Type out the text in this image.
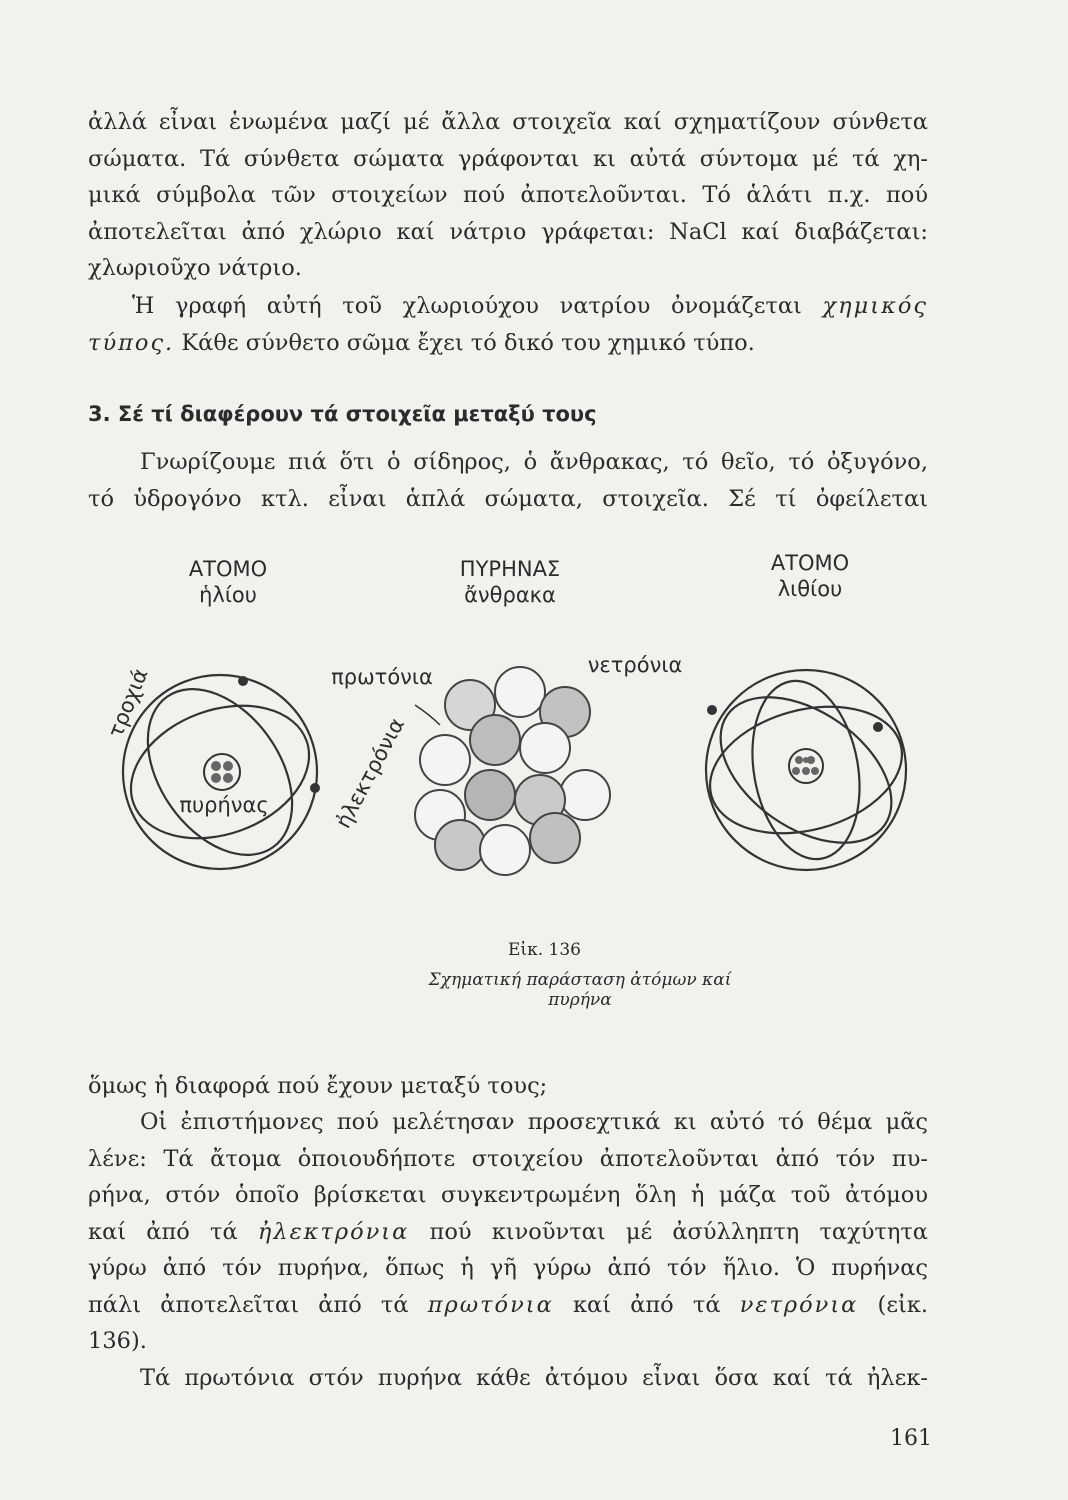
ἀλλά εἶναι ἑνωμένα μαζί μέ ἄλλα στοιχεῖα καί σχηματίζουν σύνθετα
σώματα. Τά σύνθετα σώματα γράφονται κι αὐτά σύντομα μέ τά χη-
μικά σύμβολα τῶν στοιχείων πού ἀποτελοῦνται. Τό ἁλάτι π.χ. πού
ἀποτελεῖται ἀπό χλώριο καί νάτριο γράφεται: NaCl καί διαβάζεται:
χλωριοῦχο νάτριο.
Ἡ γραφή αὐτή τοῦ χλωριούχου νατρίου ὀνομάζεται χημικός
τύπος. Κάθε σύνθετο σῶμα ἔχει τό δικό του χημικό τύπο.
3. Σέ τί διαφέρουν τά στοιχεῖα μεταξύ τους
Γνωρίζουμε πιά ὅτι ὁ σίδηρος, ὁ ἄνθρακας, τό θεῖο, τό ὀξυγόνο,
τό ὑδρογόνο κτλ. εἶναι ἁπλά σώματα, στοιχεῖα. Σέ τί ὀφείλεται
ΑΤΟΜΟ
ἡλίου
ΠΥΡΗΝΑΣ
ἄνθρακα
ΑΤΟΜΟ
λιθίου
τροχιά	πρωτόνια	νετρόνια
πυρήνας	ἠλεκτρόνια
Εἰκ. 136
Σχηματική παράσταση ἀτόμων καί πυρήνα
ὅμως ἡ διαφορά πού ἔχουν μεταξύ τους;
Οἱ ἐπιστήμονες πού μελέτησαν προσεχτικά κι αὐτό τό θέμα μᾶς
λένε: Τά ἄτομα ὁποιουδήποτε στοιχείου ἀποτελοῦνται ἀπό τόν πυ-
ρήνα, στόν ὁποῖο βρίσκεται συγκεντρωμένη ὅλη ἡ μάζα τοῦ ἀτόμου
καί ἀπό τά ἠλεκτρόνια πού κινοῦνται μέ ἀσύλληπτη ταχύτητα
γύρω ἀπό τόν πυρήνα, ὅπως ἡ γῆ γύρω ἀπό τόν ἥλιο. Ὁ πυρήνας
πάλι ἀποτελεῖται ἀπό τά πρωτόνια καί ἀπό τά νετρόνια (εἰκ.
136).
Τά πρωτόνια στόν πυρήνα κάθε ἀτόμου εἶναι ὅσα καί τά ἠλεκ-
161
